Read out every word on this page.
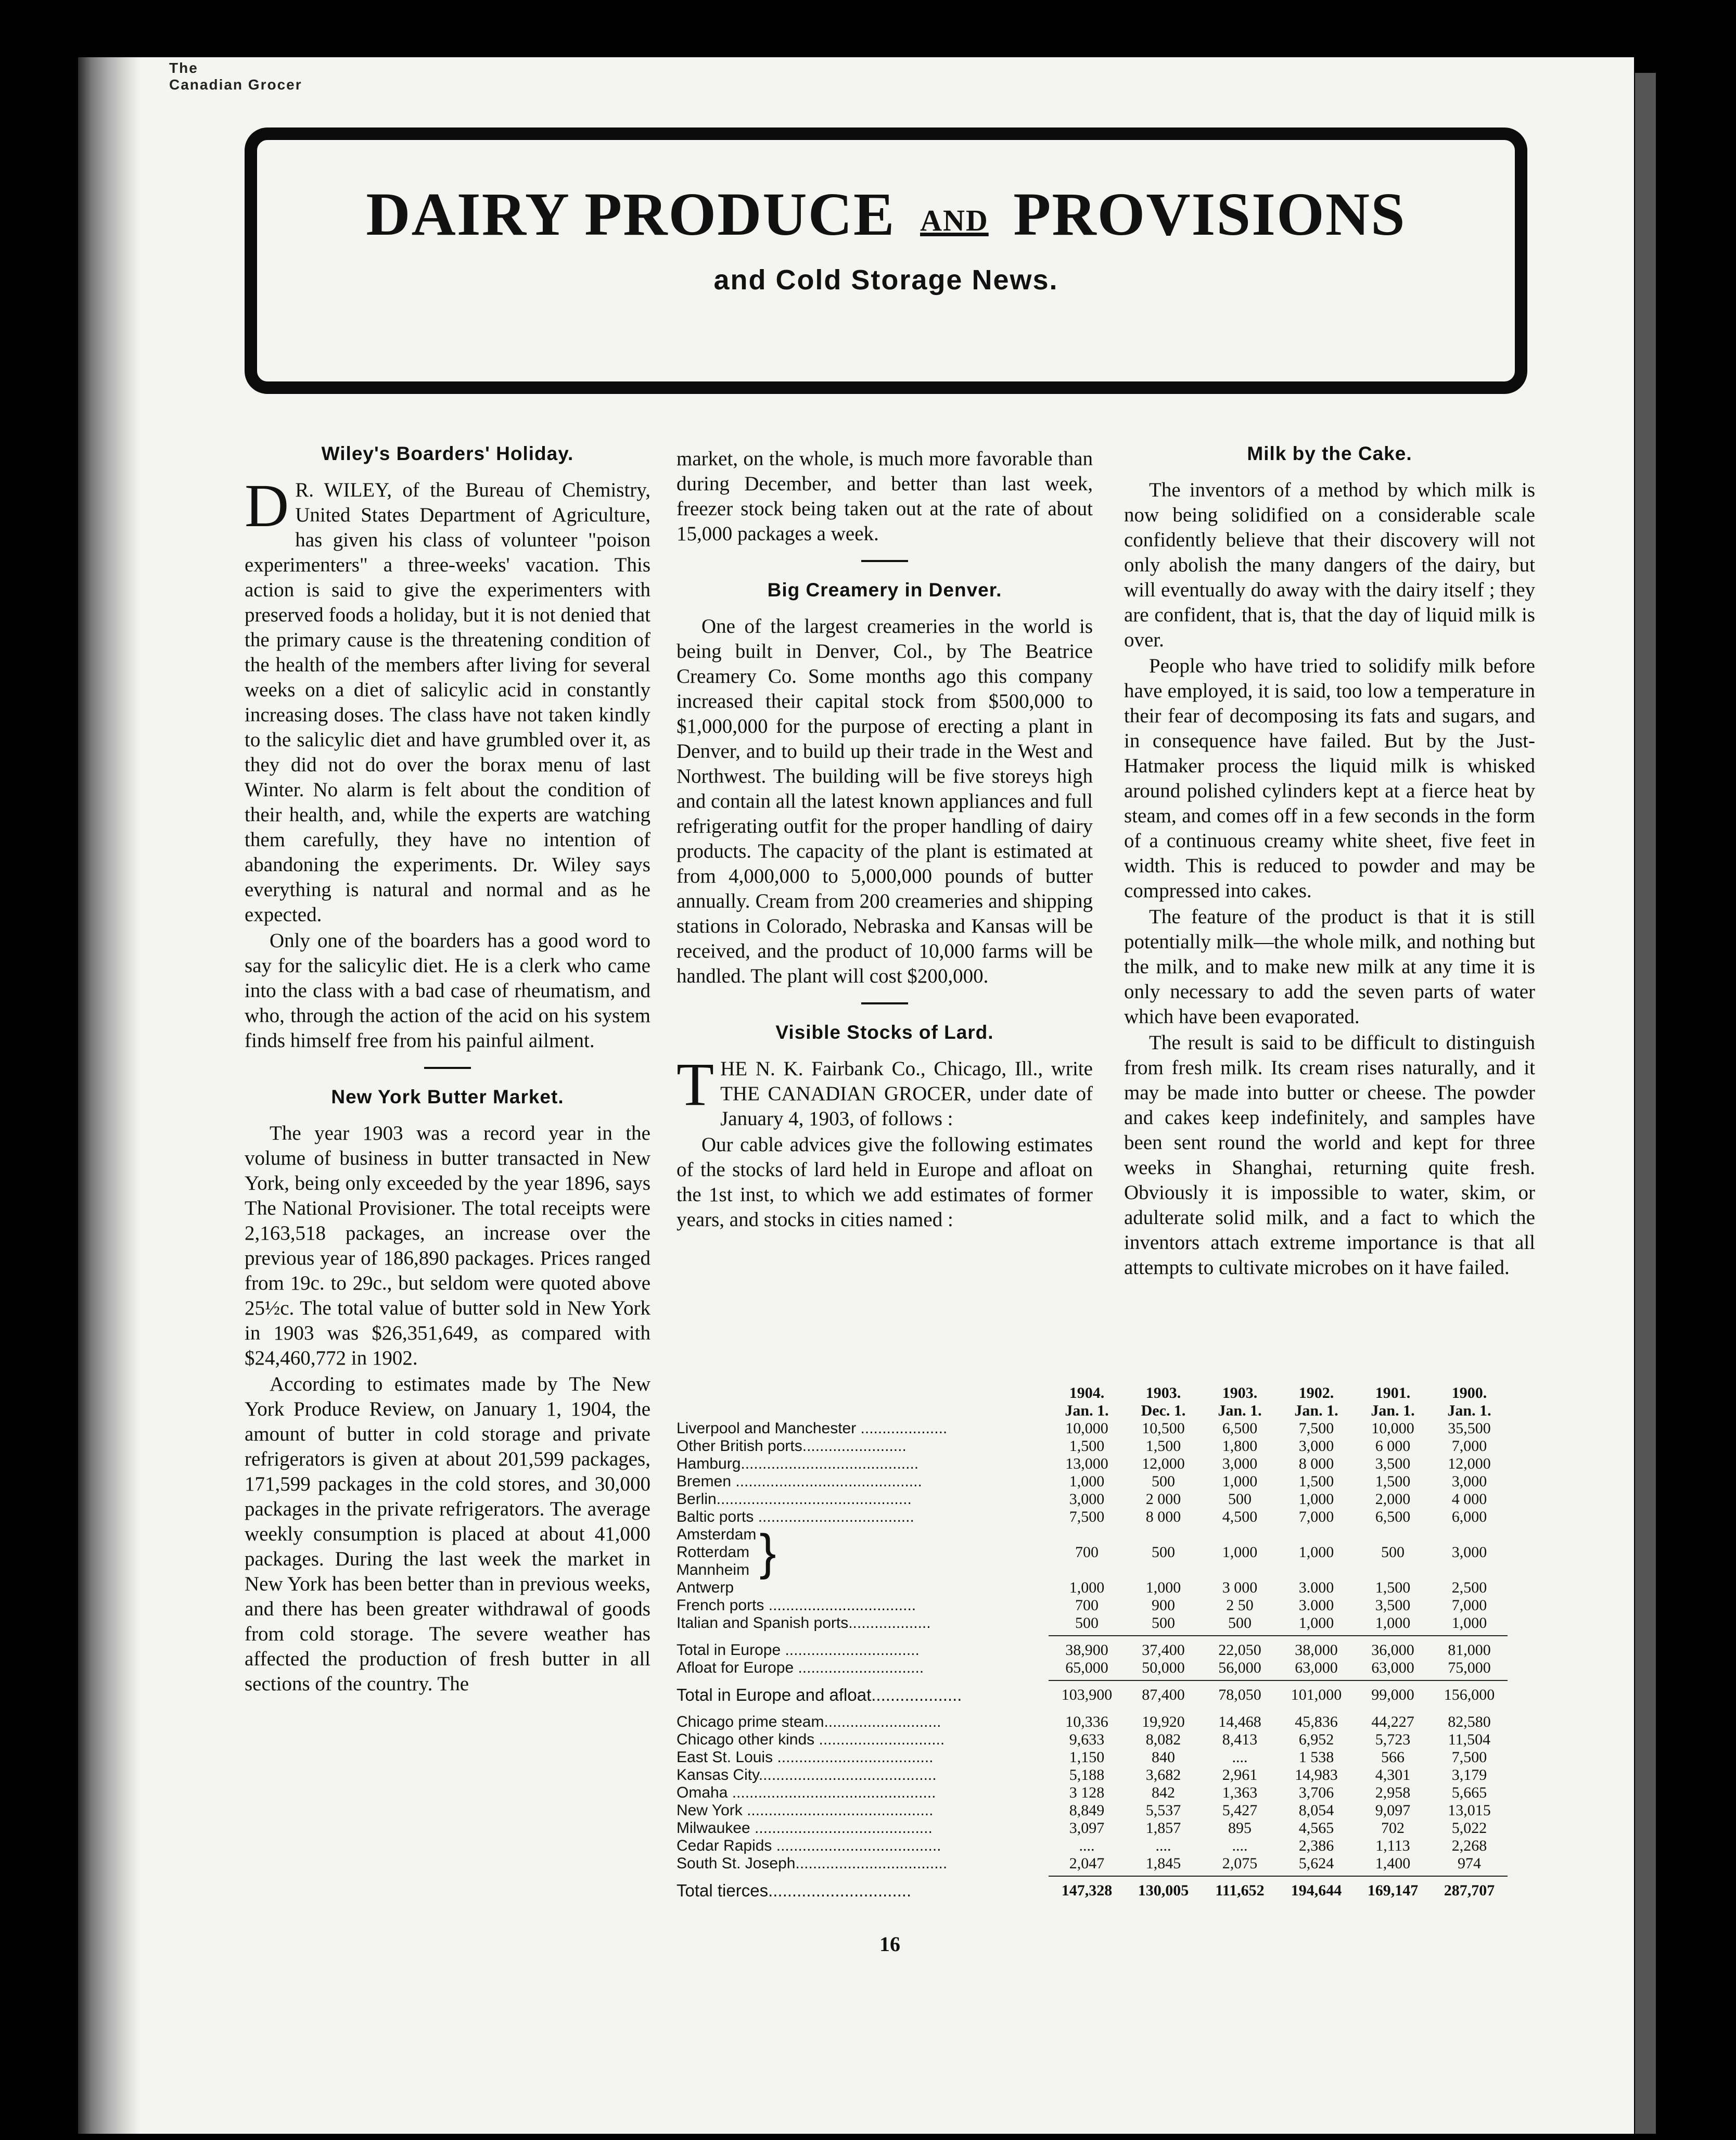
The
Canadian Grocer
DAIRY PRODUCE AND PROVISIONS
and Cold Storage News.
Wiley's Boarders' Holiday.

D R. WILEY, of the Bureau of Chemistry, United States Department of Agriculture, has given his class of volunteer "poison experimenters" a three-weeks' vacation. This action is said to give the experimenters with preserved foods a holiday, but it is not denied that the primary cause is the threatening condition of the health of the members after living for several weeks on a diet of salicylic acid in constantly increasing doses. The class have not taken kindly to the salicylic diet and have grumbled over it, as they did not do over the borax menu of last Winter. No alarm is felt about the condition of their health, and, while the experts are watching them carefully, they have no intention of abandoning the experiments. Dr. Wiley says everything is natural and normal and as he expected.

Only one of the boarders has a good word to say for the salicylic diet. He is a clerk who came into the class with a bad case of rheumatism, and who, through the action of the acid on his system finds himself free from his painful ailment.

New York Butter Market.

The year 1903 was a record year in the volume of business in butter transacted in New York, being only exceeded by the year 1896, says The National Provisioner. The total receipts were 2,163,518 packages, an increase over the previous year of 186,890 packages. Prices ranged from 19c. to 29c., but seldom were quoted above 25½c. The total value of butter sold in New York in 1903 was $26,351,649, as compared with $24,460,772 in 1902.

According to estimates made by The New York Produce Review, on January 1, 1904, the amount of butter in cold storage and private refrigerators is given at about 201,599 packages, 171,599 packages in the cold stores, and 30,000 packages in the private refrigerators. The average weekly consumption is placed at about 41,000 packages. During the last week the market in New York has been better than in previous weeks, and there has been greater withdrawal of goods from cold storage. The severe weather has affected the production of fresh butter in all sections of the country. The

market, on the whole, is much more favorable than during December, and better than last week, freezer stock being taken out at the rate of about 15,000 packages a week.

Big Creamery in Denver.

One of the largest creameries in the world is being built in Denver, Col., by The Beatrice Creamery Co. Some months ago this company increased their capital stock from $500,000 to $1,000,000 for the purpose of erecting a plant in Denver, and to build up their trade in the West and Northwest. The building will be five storeys high and contain all the latest known appliances and full refrigerating outfit for the proper handling of dairy products. The capacity of the plant is estimated at from 4,000,000 to 5,000,000 pounds of butter annually. Cream from 200 creameries and shipping stations in Colorado, Nebraska and Kansas will be received, and the product of 10,000 farms will be handled. The plant will cost $200,000.

Visible Stocks of Lard.

THE N. K. Fairbank Co., Chicago, Ill., write THE CANADIAN GROCER, under date of January 4, 1903, of follows :

Our cable advices give the following estimates of the stocks of lard held in Europe and afloat on the 1st inst, to which we add estimates of former years, and stocks in cities named :

Milk by the Cake.

The inventors of a method by which milk is now being solidified on a considerable scale confidently believe that their discovery will not only abolish the many dangers of the dairy, but will eventually do away with the dairy itself ; they are confident, that is, that the day of liquid milk is over.

People who have tried to solidify milk before have employed, it is said, too low a temperature in their fear of decomposing its fats and sugars, and in consequence have failed. But by the Just-Hatmaker process the liquid milk is whisked around polished cylinders kept at a fierce heat by steam, and comes off in a few seconds in the form of a continuous creamy white sheet, five feet in width. This is reduced to powder and may be compressed into cakes.

The feature of the product is that it is still potentially milk—the whole milk, and nothing but the milk, and to make new milk at any time it is only necessary to add the seven parts of water which have been evaporated.

The result is said to be difficult to distinguish from fresh milk. Its cream rises naturally, and it may be made into butter or cheese. The powder and cakes keep indefinitely, and samples have been sent round the world and kept for three weeks in Shanghai, returning quite fresh. Obviously it is impossible to water, skim, or adulterate solid milk, and a fact to which the inventors attach extreme importance is that all attempts to cultivate microbes on it have failed.

1904.	1903.	1903.	1902.	1901.	1900.
Jan. 1.	Dec. 1.	Jan. 1.	Jan. 1.	Jan. 1.	Jan. 1.
Liverpool and Manchester ....................	10,000	10,500	6,500	7,500	10,000	35,500
Other British ports........................	1,500	1,500	1,800	3,000	6 000	7,000
Hamburg.........................................	13,000	12,000	3,000	8 000	3,500	12,000
Bremen ...........................................	1,000	500	1,000	1,500	1,500	3,000
Berlin.............................................	3,000	2 000	500	1,000	2,000	4 000
Baltic ports ....................................	7,500	8 000	4,500	7,000	6,500	6,000
Amsterdam
Rotterdam
Mannheim }	700	500	1,000	1,000	500	3,000
Antwerp	1,000	1,000	3 000	3.000	1,500	2,500
French ports ..................................	700	900	2 50	3.000	3,500	7,000
Italian and Spanish ports...................	500	500	500	1,000	1,000	1,000
Total in Europe ...............................	38,900	37,400	22,050	38,000	36,000	81,000
Afloat for Europe .............................	65,000	50,000	56,000	63,000	63,000	75,000
Total in Europe and afloat...................	103,900	87,400	78,050	101,000	99,000	156,000
Chicago prime steam...........................	10,336	19,920	14,468	45,836	44,227	82,580
Chicago other kinds .............................	9,633	8,082	8,413	6,952	5,723	11,504
East St. Louis ....................................	1,150	840	....	1 538	566	7,500
Kansas City.........................................	5,188	3,682	2,961	14,983	4,301	3,179
Omaha ...............................................	3 128	842	1,363	3,706	2,958	5,665
New York ...........................................	8,849	5,537	5,427	8,054	9,097	13,015
Milwaukee .........................................	3,097	1,857	895	4,565	702	5,022
Cedar Rapids ......................................	....	....	....	2,386	1,113	2,268
South St. Joseph...................................	2,047	1,845	2,075	5,624	1,400	974
Total tierces..............................	147,328	130,005	111,652	194,644	169,147	287,707
16
